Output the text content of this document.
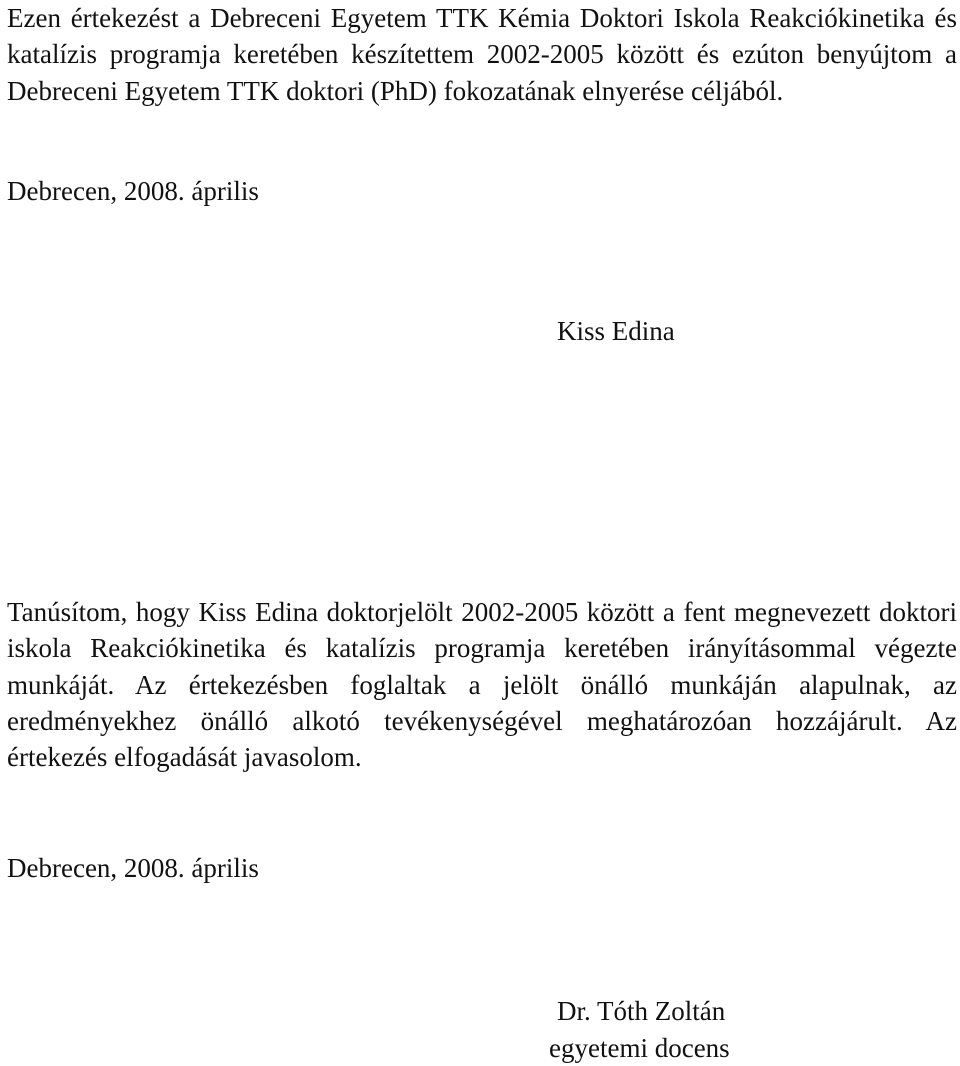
Ezen értekezést a Debreceni Egyetem TTK Kémia Doktori Iskola Reakciókinetika és katalízis programja keretében készítettem 2002-2005 között és ezúton benyújtom a Debreceni Egyetem TTK doktori (PhD) fokozatának elnyerése céljából.

Debrecen, 2008. április

Kiss Edina

Tanúsítom, hogy Kiss Edina doktorjelölt 2002-2005 között a fent megnevezett doktori iskola Reakciókinetika és katalízis programja keretében irányításommal végezte munkáját. Az értekezésben foglaltak a jelölt önálló munkáján alapulnak, az eredményekhez önálló alkotó tevékenységével meghatározóan hozzájárult. Az értekezés elfogadását javasolom.

Debrecen, 2008. április

Dr. Tóth Zoltán

egyetemi docens
